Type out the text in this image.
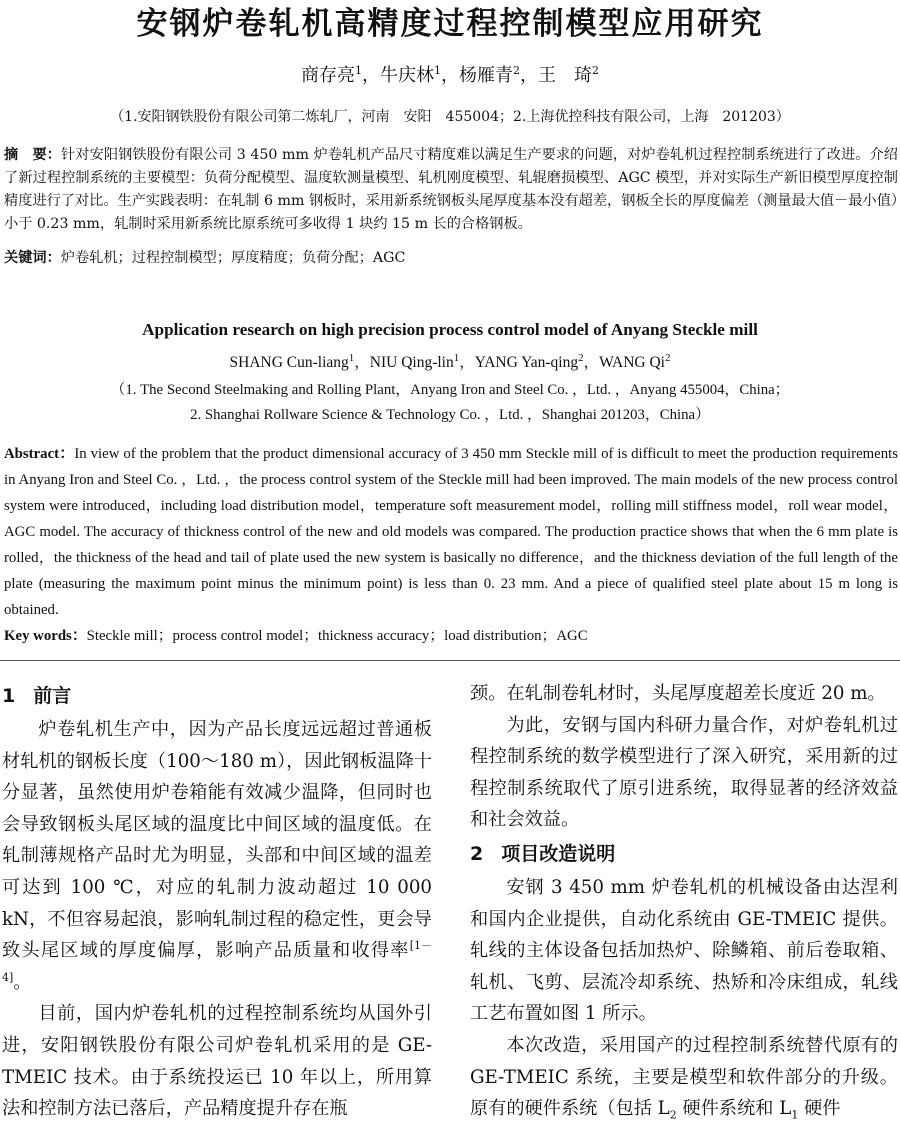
安钢炉卷轧机高精度过程控制模型应用研究
商存亮$^1$，牛庆林$^1$，杨雁青$^2$，王　琦$^2$
（1.安阳钢铁股份有限公司第二炼轧厂，河南　安阳　455004；2.上海优控科技有限公司，上海　201203）
摘　要：针对安阳钢铁股份有限公司 3 450 mm 炉卷轧机产品尺寸精度难以满足生产要求的问题，对炉卷轧机过程控制系统进行了改进。介绍了新过程控制系统的主要模型：负荷分配模型、温度软测量模型、轧机刚度模型、轧辊磨损模型、AGC 模型，并对实际生产新旧模型厚度控制精度进行了对比。生产实践表明：在轧制 6 mm 钢板时，采用新系统钢板头尾厚度基本没有超差，钢板全长的厚度偏差（测量最大值－最小值）小于 0.23 mm，轧制时采用新系统比原系统可多收得 1 块约 15 m 长的合格钢板。
关键词：炉卷轧机；过程控制模型；厚度精度；负荷分配；AGC
Application research on high precision process control model of Anyang Steckle mill
SHANG Cun-liang$^1$，NIU Qing-lin$^1$，YANG Yan-qing$^2$，WANG Qi$^2$
（1. The Second Steelmaking and Rolling Plant，Anyang Iron and Steel Co. ，Ltd. ，Anyang 455004，China；
2. Shanghai Rollware Science & Technology Co. ，Ltd. ，Shanghai 201203，China）
Abstract：In view of the problem that the product dimensional accuracy of 3 450 mm Steckle mill of is difficult to meet the production requirements in Anyang Iron and Steel Co. ，Ltd. ，the process control system of the Steckle mill had been improved. The main models of the new process control system were introduced，including load distribution model，temperature soft measurement model，rolling mill stiffness model，roll wear model，AGC model. The accuracy of thickness control of the new and old models was compared. The production practice shows that when the 6 mm plate is rolled，the thickness of the head and tail of plate used the new system is basically no difference，and the thickness deviation of the full length of the plate (measuring the maximum point minus the minimum point) is less than 0. 23 mm. And a piece of qualified steel plate about 15 m long is obtained.
Key words：Steckle mill；process control model；thickness accuracy；load distribution；AGC
1 前言

炉卷轧机生产中，因为产品长度远远超过普通板材轧机的钢板长度（100～180 m），因此钢板温降十分显著，虽然使用炉卷箱能有效减少温降，但同时也会导致钢板头尾区域的温度比中间区域的温度低。在轧制薄规格产品时尤为明显，头部和中间区域的温差可达到 100 ℃，对应的轧制力波动超过 10 000 kN，不但容易起浪，影响轧制过程的稳定性，更会导致头尾区域的厚度偏厚，影响产品质量和收得率[1－4]。

目前，国内炉卷轧机的过程控制系统均从国外引进，安阳钢铁股份有限公司炉卷轧机采用的是 GE-TMEIC 技术。由于系统投运已 10 年以上，所用算法和控制方法已落后，产品精度提升存在瓶

颈。在轧制卷轧材时，头尾厚度超差长度近 20 m。

为此，安钢与国内科研力量合作，对炉卷轧机过程控制系统的数学模型进行了深入研究，采用新的过程控制系统取代了原引进系统，取得显著的经济效益和社会效益。

2 项目改造说明

安钢 3 450 mm 炉卷轧机的机械设备由达涅利和国内企业提供，自动化系统由 GE-TMEIC 提供。轧线的主体设备包括加热炉、除鳞箱、前后卷取箱、轧机、飞剪、层流冷却系统、热矫和冷床组成，轧线工艺布置如图 1 所示。

本次改造，采用国产的过程控制系统替代原有的 GE-TMEIC 系统，主要是模型和软件部分的升级。原有的硬件系统（包括 $L_2$ 硬件系统和 $L_1$ 硬件
